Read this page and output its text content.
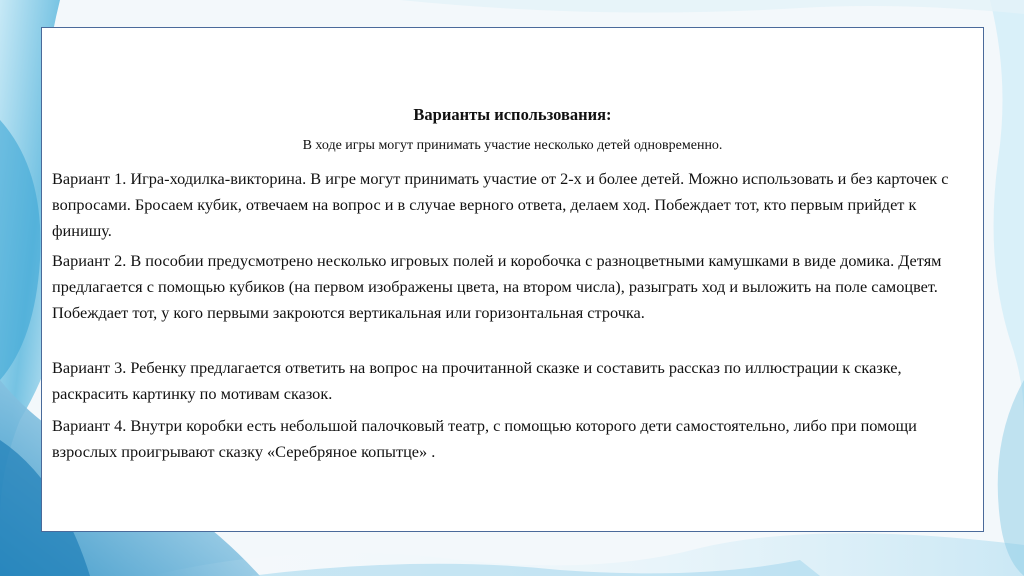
Варианты использования:
В ходе игры могут принимать участие несколько детей одновременно.

Вариант 1. Игра-ходилка-викторина. В игре могут принимать участие от 2-х и более детей. Можно использовать и без карточек с вопросами. Бросаем кубик, отвечаем на вопрос и в случае верного ответа, делаем ход. Побеждает тот, кто первым прийдет к финишу.

Вариант 2. В пособии предусмотрено несколько игровых полей и коробочка с разноцветными камушками в виде домика. Детям предлагается с помощью кубиков (на первом изображены цвета, на втором числа), разыграть ход и выложить на поле самоцвет. Побеждает тот, у кого первыми закроются вертикальная или горизонтальная строчка.

Вариант 3. Ребенку предлагается ответить на вопрос на прочитанной сказке и составить рассказ по иллюстрации к сказке, раскрасить картинку по мотивам сказок.

Вариант 4. Внутри коробки есть небольшой палочковый театр, с помощью которого дети самостоятельно, либо при помощи взрослых проигрывают сказку «Серебряное копытце» .
